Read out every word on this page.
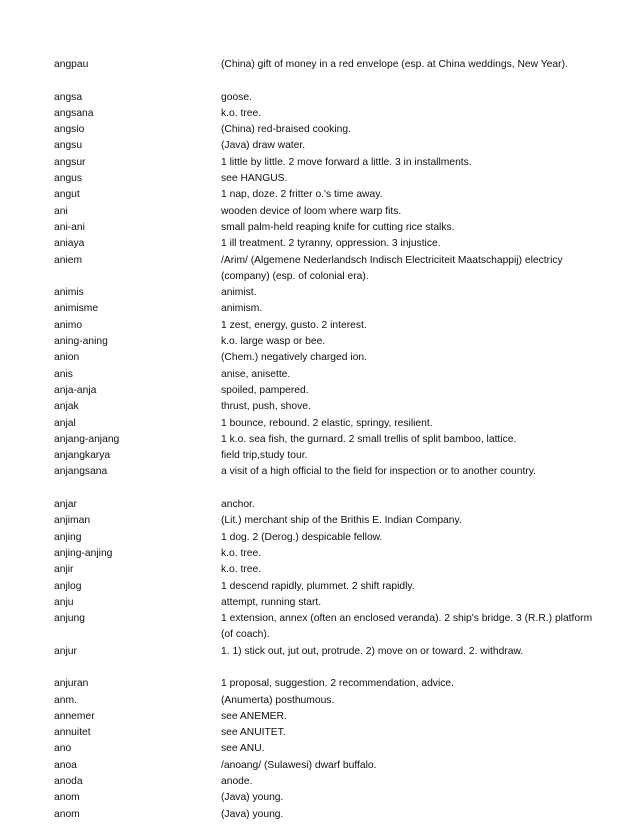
angpau	(China) gift of money in a red envelope (esp. at China weddings, New Year).
angsa	goose.
angsana	k.o. tree.
angsio	(China) red-braised cooking.
angsu	(Java) draw water.
angsur	1 little by little. 2 move forward a little. 3 in installments.
angus	see HANGUS.
angut	1 nap, doze. 2 fritter o.'s time away.
ani	wooden device of loom where warp fits.
ani-ani	small palm-held reaping knife for cutting rice stalks.
aniaya	1 ill treatment. 2 tyranny, oppression. 3 injustice.
aniem	/Arim/ (Algemene Nederlandsch Indisch Electriciteit Maatschappij) electricy (company) (esp. of colonial era).
animis	animist.
animisme	animism.
animo	1 zest, energy, gusto. 2 interest.
aning-aning	k.o. large wasp or bee.
anion	(Chem.) negatively charged ion.
anis	anise, anisette.
anja-anja	spoiled, pampered.
anjak	thrust, push, shove.
anjal	1 bounce, rebound. 2 elastic, springy, resilient.
anjang-anjang	1 k.o. sea fish, the gurnard. 2 small trellis of split bamboo, lattice.
anjangkarya	field trip,study tour.
anjangsana	a visit of a high official to the field for inspection or to another country.
anjar	anchor.
anjiman	(Lit.) merchant ship of the Brithis E. Indian Company.
anjing	1 dog. 2 (Derog.) despicable fellow.
anjing-anjing	k.o. tree.
anjir	k.o. tree.
anjlog	1 descend rapidly, plummet. 2 shift rapidly.
anju	attempt, running start.
anjung	1 extension, annex (often an enclosed veranda). 2 ship's bridge. 3 (R.R.) platform (of coach).
anjur	1. 1) stick out, jut out, protrude. 2) move on or toward. 2. withdraw.
anjuran	1 proposal, suggestion. 2 recommendation, advice.
anm.	(Anumerta) posthumous.
annemer	see ANEMER.
annuitet	see ANUITET.
ano	see ANU.
anoa	/anoang/ (Sulawesi) dwarf buffalo.
anoda	anode.
anom	(Java) young.
anom	(Java) young.
